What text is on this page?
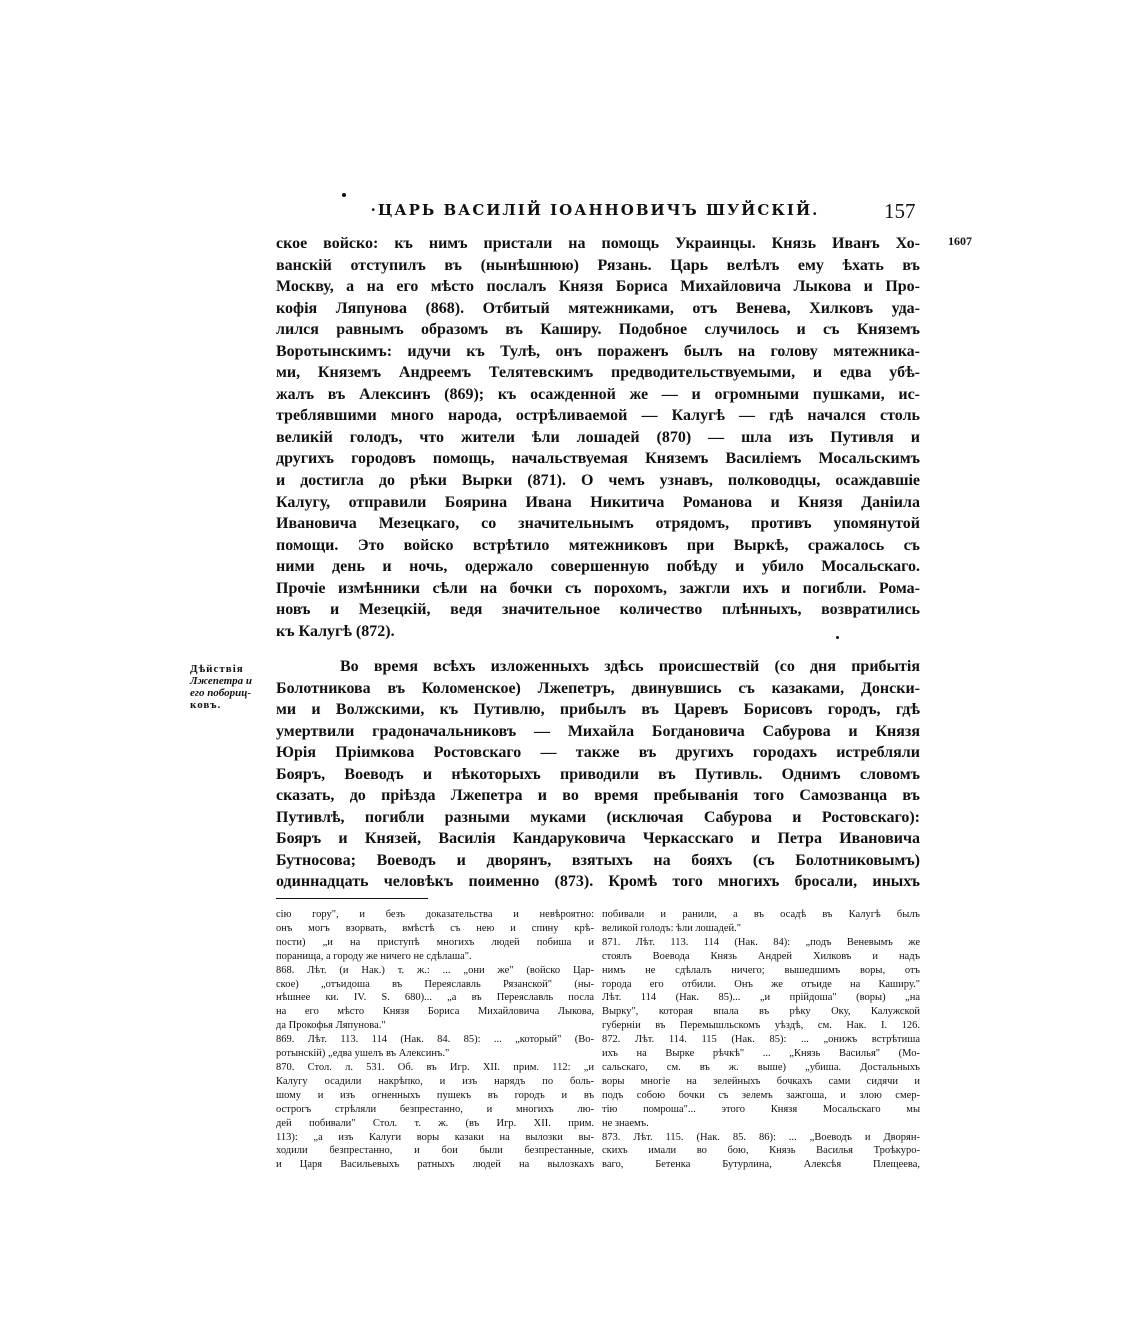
·ЦАРЬ ВАСИЛІЙ ІОАННОВИЧЪ ШУЙСКІЙ.	157
1607
ское войско: къ нимъ пристали на помощь Украинцы. Князь Иванъ Хо-
ванскій отступилъ въ (нынѣшнюю) Рязань. Царь велѣлъ ему ѣхать въ
Москву, а на его мѣсто послалъ Князя Бориса Михайловича Лыкова и Про-
кофія Ляпунова (868). Отбитый мятежниками, отъ Венева, Хилковъ уда-
лился равнымъ образомъ въ Каширу. Подобное случилось и съ Княземъ
Воротынскимъ: идучи къ Тулѣ, онъ пораженъ былъ на голову мятежника-
ми, Княземъ Андреемъ Телятевскимъ предводительствуемыми, и едва убѣ-
жалъ въ Алексинъ (869); къ осажденной же — и огромными пушками, ис-
треблявшими много народа, острѣливаемой — Калугѣ — гдѣ начался столь
великій голодъ, что жители ѣли лошадей (870) — шла изъ Путивля и
другихъ городовъ помощь, начальствуемая Княземъ Василіемъ Мосальскимъ
и достигла до рѣки Вырки (871). О чемъ узнавъ, полководцы, осаждавшіе
Калугу, отправили Боярина Ивана Никитича Романова и Князя Даніила
Ивановича Мезецкаго, со значительнымъ отрядомъ, противъ упомянутой
помощи. Это войско встрѣтило мятежниковъ при Выркѣ, сражалось съ
ними день и ночь, одержало совершенную побѣду и убило Мосальскаго.
Прочіе измѣнники сѣли на бочки съ порохомъ, зажгли ихъ и погибли. Рома-
новъ и Мезецкій, ведя значительное количество плѣнныхъ, возвратились
къ Калугѣ (872).
Дѣйствія
Лжепетра и
его побориц-
ковъ.
Во время всѣхъ изложенныхъ здѣсь происшествій (со дня прибытія
Болотникова въ Коломенское) Лжепетръ, двинувшись съ казаками, Донски-
ми и Волжскими, къ Путивлю, прибылъ въ Царевъ Борисовъ городъ, гдѣ
умертвили градоначальниковъ — Михайла Богдановича Сабурова и Князя
Юрія Пріимкова Ростовскаго — также въ другихъ городахъ истребляли
Бояръ, Воеводъ и нѣкоторыхъ приводили въ Путивль. Однимъ словомъ
сказать, до пріѣзда Лжепетра и во время пребыванія того Самозванца въ
Путивлѣ, погибли разными муками (исключая Сабурова и Ростовскаго):
Бояръ и Князей, Василія Кандаруковича Черкасскаго и Петра Ивановича
Бутносова; Воеводъ и дворянъ, взятыхъ на бояхъ (съ Болотниковымъ)
одиннадцать человѣкъ поименно (873). Кромѣ того многихъ бросали, иныхъ
сію гору", и безъ доказательства и невѣроятно:
онъ могъ взорвать, вмѣстѣ съ нею и спину крѣ-
пости) „и на приступѣ многихъ людей побиша и
поранища, а городу же ничего не сдѣлаша".
868. Лѣт. (и Нак.) т. ж.: ... „они же" (войско Цар-
ское) „отъидоша въ Переяславль Рязанской" (ны-
нѣшнее ки. IV. S. 680)... „а въ Переяславль посла
на его мѣсто Князя Бориса Михайловича Лыкова,
да Прокофья Ляпунова."
869. Лѣт. 113. 114 (Нак. 84. 85): ... „который" (Во-
ротынскій) „едва ушелъ въ Алексинъ."
870. Стол. л. 531. Об. въ Игр. XII. прим. 112: „и
Калугу осадили накрѣпко, и изъ нарядъ по боль-
шому и изъ огненныхъ пушекъ въ городъ и въ
острогъ стрѣляли безпрестанно, и многихъ лю-
дей побивали" Стол. т. ж. (въ Игр. XII. прим.
113): „а изъ Калуги воры казаки на вылозки вы-
ходили безпрестанно, и бои были безпрестанные,
и Царя Васильевыхъ ратныхъ людей на вылозкахъ
побивали и ранили, а въ осадѣ въ Калугѣ былъ
великой голодъ: ѣли лошадей."
871. Лѣт. 113. 114 (Нак. 84): „подъ Веневымъ же
стоялъ Воевода Князь Андрей Хилковъ и надъ
нимъ не сдѣлалъ ничего; вышедшимъ воры, отъ
города его отбили. Онъ же отъиде на Каширу."
Лѣт. 114 (Нак. 85)... „и прійдоша" (воры) „на
Вырку", которая впала въ рѣку Оку, Калужской
губерніи въ Перемышльскомъ уѣздѣ, см. Нак. I. 126.
872. Лѣт. 114. 115 (Нак. 85): ... „онижъ встрѣтиша
ихъ на Вырке рѣчкѣ" ... „Князь Василья" (Мо-
сальскаго, см. въ ж. выше) „убиша. Достальныхъ
воры многіе на зелейныхъ бочкахъ сами сидячи и
подъ собою бочки съ зелемъ зажгоша, и злою смер-
тію помроша"... этого Князя Мосальскаго мы
не знаемъ.
873. Лѣт. 115. (Нак. 85. 86): ... „Воеводъ и Дворян-
скихъ имали во бою, Князь Василья Троѣкуро-
ваго, Бетенка Бутурлина, Алексѣя Плещеева,
